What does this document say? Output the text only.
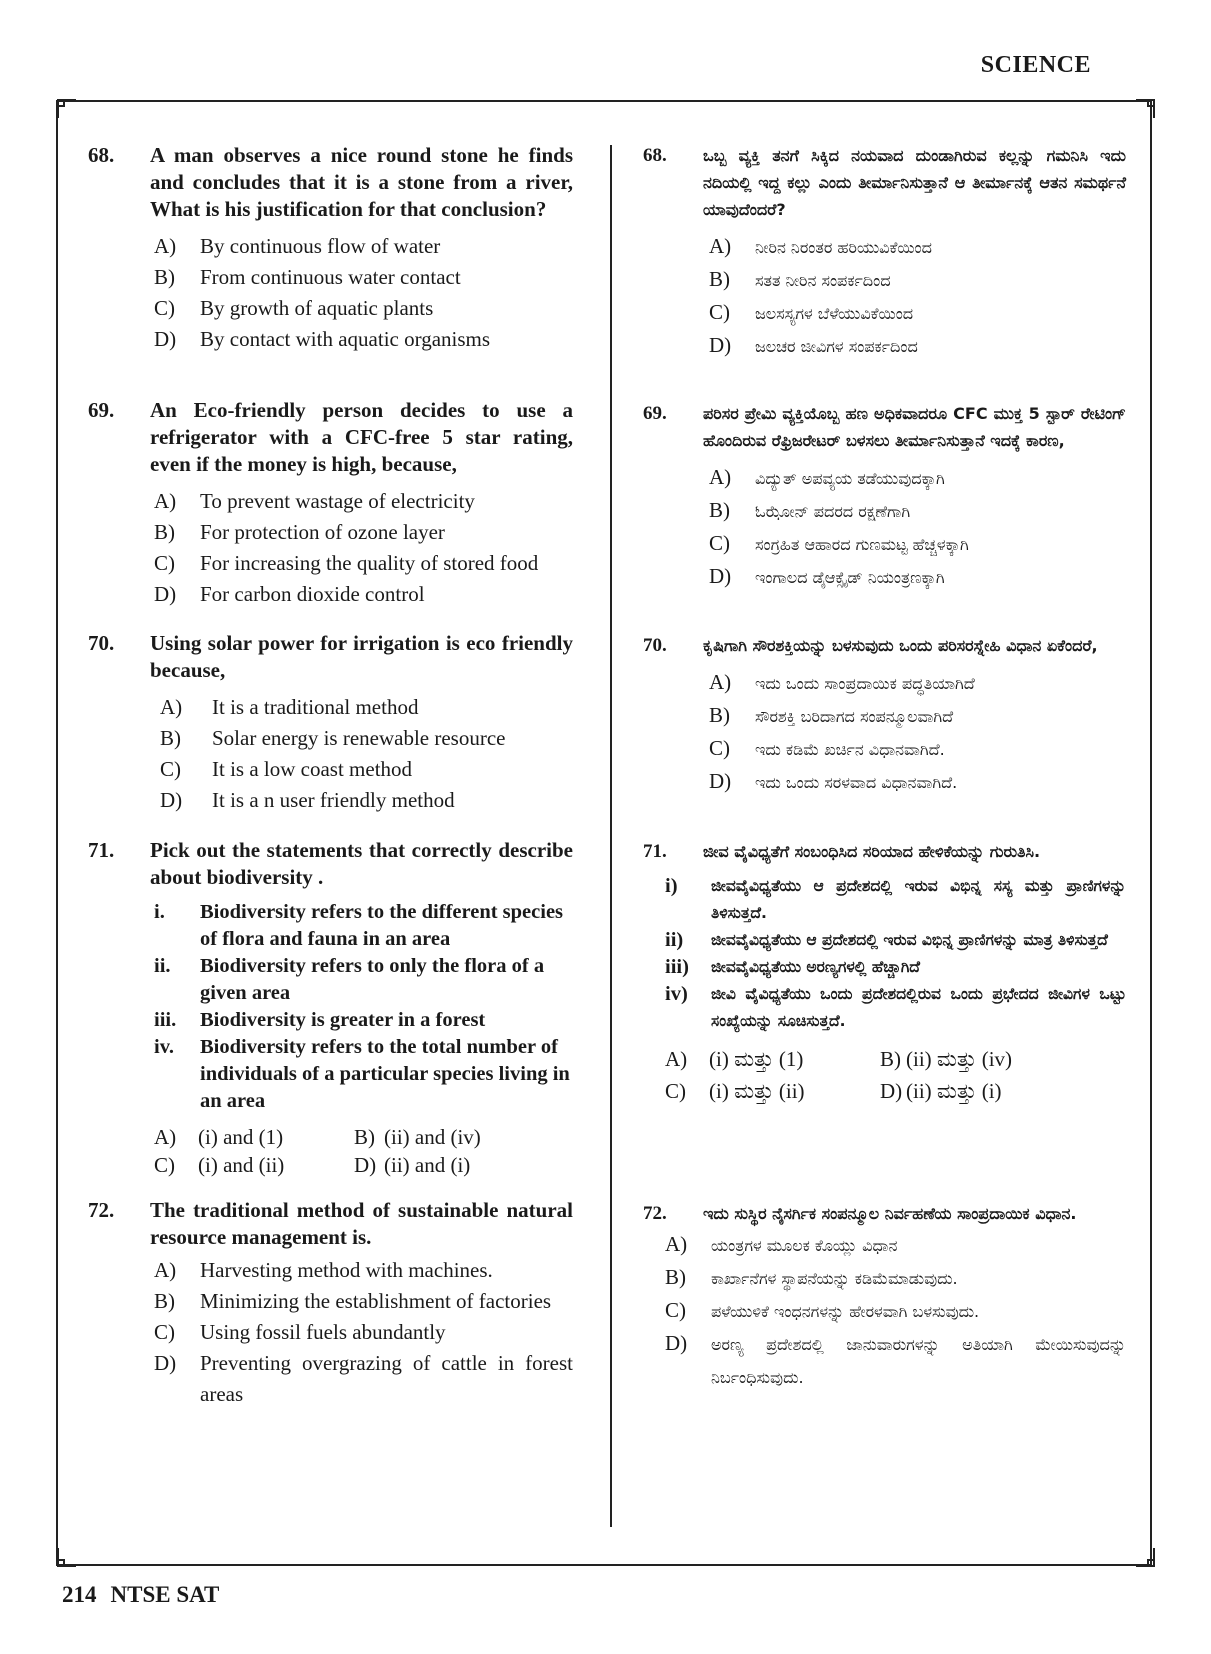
SCIENCE
68.	A man observes a nice round stone he finds and concludes that it is a stone from a river, What is his justification for that conclusion?
A)	By continuous flow of water
B)	From continuous water contact
C)	By growth of aquatic plants
D)	By contact with aquatic organisms
69.	An Eco-friendly person decides to use a refrigerator with a CFC-free 5 star rating, even if the money is high, because,
A)	To prevent wastage of electricity
B)	For protection of ozone layer
C)	For increasing the quality of stored food
D)	For carbon dioxide control
70.	Using solar power for irrigation is eco friendly because,
A)	It is a traditional method
B)	Solar energy is renewable resource
C)	It is a low coast method
D)	It is a n user friendly method
71.	Pick out the statements that correctly describe about biodiversity .
i.	Biodiversity refers to the different species of flora and fauna in an area
ii.	Biodiversity refers to only the flora of a given area
iii.	Biodiversity is greater in a forest
iv.	Biodiversity refers to the total number of individuals of a particular species living in an area
A)	(i) and (1)	B) (ii) and (iv)
C)	(i) and (ii)	D) (ii) and (i)
72.	The traditional method of sustainable natural resource management is.
A)	Harvesting method with machines.
B)	Minimizing the establishment of factories
C)	Using fossil fuels abundantly
D)	Preventing overgrazing of cattle in forest areas
68.	ಒಬ್ಬ ವ್ಯಕ್ತಿ ತನಗೆ ಸಿಕ್ಕಿದ ನಯವಾದ ದುಂಡಾಗಿರುವ ಕಲ್ಲನ್ನು ಗಮನಿಸಿ ಇದು ನದಿಯಲ್ಲಿ ಇದ್ದ ಕಲ್ಲು ಎಂದು ತೀರ್ಮಾನಿಸುತ್ತಾನೆ ಆ ತೀರ್ಮಾನಕ್ಕೆ ಆತನ ಸಮರ್ಥನೆ ಯಾವುದೆಂದರೆ?
A)	ನೀರಿನ ನಿರಂತರ ಹರಿಯುವಿಕೆಯಿಂದ
B)	ಸತತ ನೀರಿನ ಸಂಪರ್ಕದಿಂದ
C)	ಜಲಸಸ್ಯಗಳ ಬೆಳೆಯುವಿಕೆಯಿಂದ
D)	ಜಲಚರ ಜೀವಿಗಳ ಸಂಪರ್ಕದಿಂದ
69.	ಪರಿಸರ ಪ್ರೇಮಿ ವ್ಯಕ್ತಿಯೊಬ್ಬ ಹಣ ಅಧಿಕವಾದರೂ CFC ಮುಕ್ತ 5 ಸ್ಟಾರ್ ರೇಟಿಂಗ್ ಹೊಂದಿರುವ ರೆಫ್ರಿಜರೇಟರ್ ಬಳಸಲು ತೀರ್ಮಾನಿಸುತ್ತಾನೆ ಇದಕ್ಕೆ ಕಾರಣ,
A)	ವಿದ್ಯುತ್ ಅಪವ್ಯಯ ತಡೆಯುವುದಕ್ಕಾಗಿ
B)	ಓಝೋನ್ ಪದರದ ರಕ್ಷಣೆಗಾಗಿ
C)	ಸಂಗ್ರಹಿತ ಆಹಾರದ ಗುಣಮಟ್ಟ ಹೆಚ್ಚಳಕ್ಕಾಗಿ
D)	ಇಂಗಾಲದ ಡೈಆಕ್ಸೈಡ್ ನಿಯಂತ್ರಣಕ್ಕಾಗಿ
70.	ಕೃಷಿಗಾಗಿ ಸೌರಶಕ್ತಿಯನ್ನು ಬಳಸುವುದು ಒಂದು ಪರಿಸರಸ್ನೇಹಿ ವಿಧಾನ ಏಕೆಂದರೆ,
A)	ಇದು ಒಂದು ಸಾಂಪ್ರದಾಯಿಕ ಪದ್ಧತಿಯಾಗಿದೆ
B)	ಸೌರಶಕ್ತಿ ಬರಿದಾಗದ ಸಂಪನ್ಮೂಲವಾಗಿದೆ
C)	ಇದು ಕಡಿಮೆ ಖರ್ಚಿನ ವಿಧಾನವಾಗಿದೆ.
D)	ಇದು ಒಂದು ಸರಳವಾದ ವಿಧಾನವಾಗಿದೆ.
71.	ಜೀವ ವೈವಿಧ್ಯತೆಗೆ ಸಂಬಂಧಿಸಿದ ಸರಿಯಾದ ಹೇಳಿಕೆಯನ್ನು ಗುರುತಿಸಿ.
i)	ಜೀವವೈವಿಧ್ಯತೆಯು ಆ ಪ್ರದೇಶದಲ್ಲಿ ಇರುವ ವಿಭಿನ್ನ ಸಸ್ಯ ಮತ್ತು ಪ್ರಾಣಿಗಳನ್ನು ತಿಳಿಸುತ್ತದೆ.
ii)	ಜೀವವೈವಿಧ್ಯತೆಯು ಆ ಪ್ರದೇಶದಲ್ಲಿ ಇರುವ ವಿಭಿನ್ನ ಪ್ರಾಣಿಗಳನ್ನು ಮಾತ್ರ ತಿಳಿಸುತ್ತದೆ
iii)	ಜೀವವೈವಿಧ್ಯತೆಯು ಅರಣ್ಯಗಳಲ್ಲಿ ಹೆಚ್ಚಾಗಿದೆ
iv)	ಜೀವಿ ವೈವಿಧ್ಯತೆಯು ಒಂದು ಪ್ರದೇಶದಲ್ಲಿರುವ ಒಂದು ಪ್ರಭೇದದ ಜೀವಿಗಳ ಒಟ್ಟು ಸಂಖ್ಯೆಯನ್ನು ಸೂಚಿಸುತ್ತದೆ.
A)	(i) ಮತ್ತು (1)	B) (ii) ಮತ್ತು (iv)
C)	(i) ಮತ್ತು (ii)	D) (ii) ಮತ್ತು (i)
72.	ಇದು ಸುಸ್ಥಿರ ನೈಸರ್ಗಿಕ ಸಂಪನ್ಮೂಲ ನಿರ್ವಹಣೆಯ ಸಾಂಪ್ರದಾಯಿಕ ವಿಧಾನ.
A)	ಯಂತ್ರಗಳ ಮೂಲಕ ಕೊಯ್ಲು ವಿಧಾನ
B)	ಕಾರ್ಖಾನೆಗಳ ಸ್ಥಾಪನೆಯನ್ನು ಕಡಿಮೆಮಾಡುವುದು.
C)	ಪಳೆಯುಳಿಕೆ ಇಂಧನಗಳನ್ನು ಹೇರಳವಾಗಿ ಬಳಸುವುದು.
D)	ಅರಣ್ಯ ಪ್ರದೇಶದಲ್ಲಿ ಜಾನುವಾರುಗಳನ್ನು ಅತಿಯಾಗಿ ಮೇಯಿಸುವುದನ್ನು ನಿರ್ಬಂಧಿಸುವುದು.
214 NTSE SAT
